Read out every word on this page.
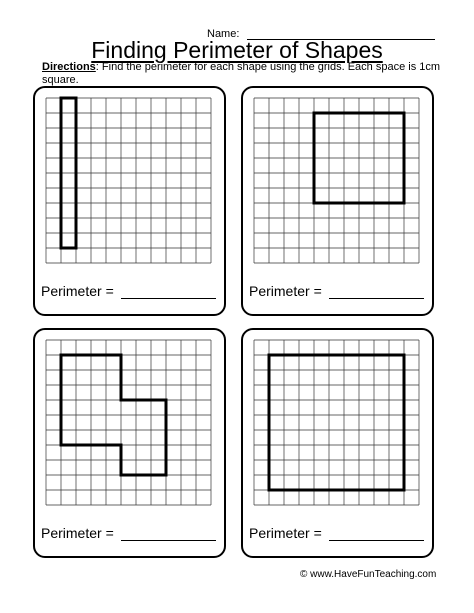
Name:
Finding Perimeter of Shapes
Directions: Find the perimeter for each shape using the grids. Each space is 1cm square.
Perimeter =	Perimeter =
Perimeter =	Perimeter =
© www.HaveFunTeaching.com
